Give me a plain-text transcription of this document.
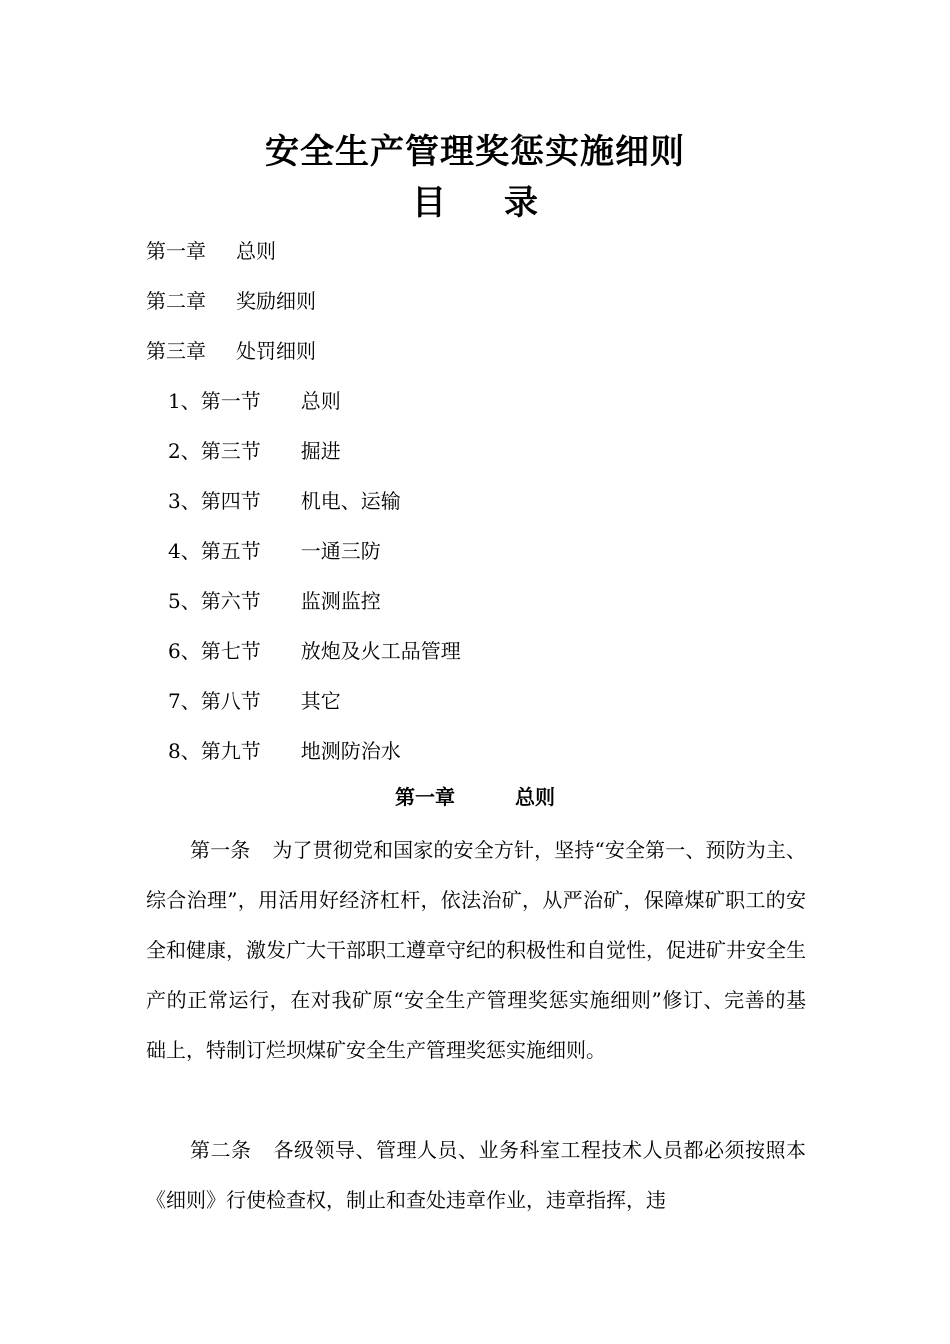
安全生产管理奖惩实施细则
目 录
第一章 总则
第二章 奖励细则
第三章 处罚细则
1、第一节 总则
2、第三节 掘进
3、第四节 机电、运输
4、第五节 一通三防
5、第六节 监测监控
6、第七节 放炮及火工品管理
7、第八节 其它
8、第九节 地测防治水
第一章	总则

第一条 为了贯彻党和国家的安全方针，坚持“安全第一、预防为主、综合治理”，用活用好经济杠杆，依法治矿，从严治矿，保障煤矿职工的安全和健康，激发广大干部职工遵章守纪的积极性和自觉性，促进矿井安全生产的正常运行，在对我矿原“安全生产管理奖惩实施细则”修订、完善的基础上，特制订烂坝煤矿安全生产管理奖惩实施细则。

第二条 各级领导、管理人员、业务科室工程技术人员都必须按照本《细则》行使检查权，制止和查处违章作业，违章指挥，违
